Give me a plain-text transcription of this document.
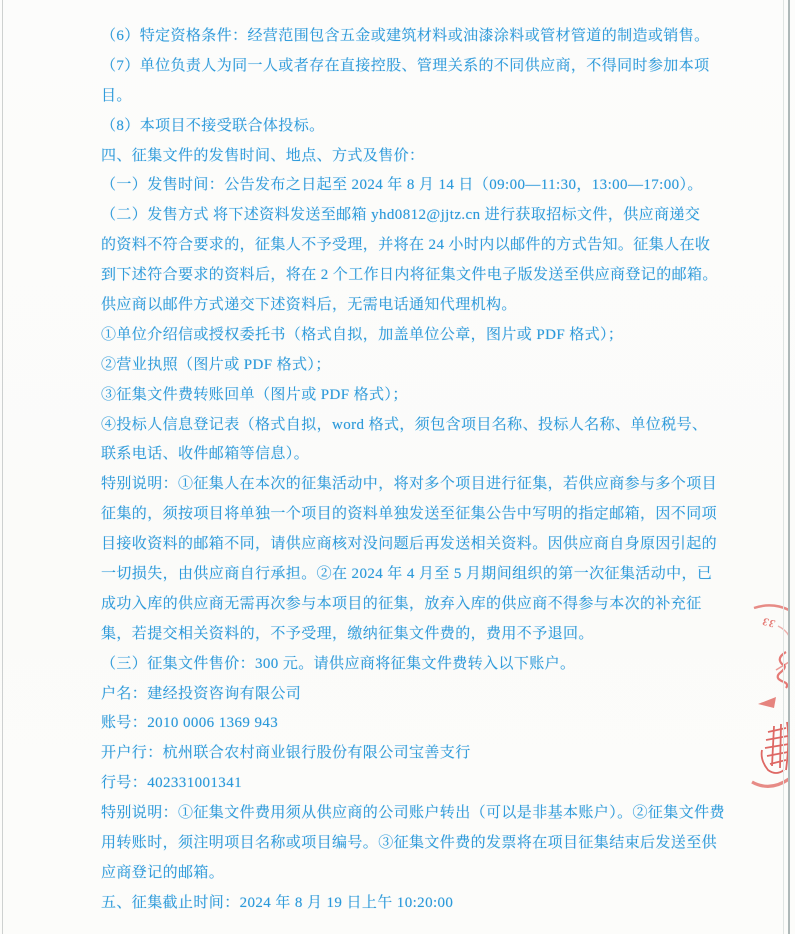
（6）特定资格条件：经营范围包含五金或建筑材料或油漆涂料或管材管道的制造或销售。
（7）单位负责人为同一人或者存在直接控股、管理关系的不同供应商，不得同时参加本项
目。
（8）本项目不接受联合体投标。
四、征集文件的发售时间、地点、方式及售价：
（一）发售时间：公告发布之日起至 2024 年 8 月 14 日（09:00—11:30，13:00—17:00）。
（二）发售方式 将下述资料发送至邮箱 yhd0812@jjtz.cn 进行获取招标文件，供应商递交
的资料不符合要求的，征集人不予受理，并将在 24 小时内以邮件的方式告知。征集人在收
到下述符合要求的资料后，将在 2 个工作日内将征集文件电子版发送至供应商登记的邮箱。
供应商以邮件方式递交下述资料后，无需电话通知代理机构。
①单位介绍信或授权委托书（格式自拟，加盖单位公章，图片或 PDF 格式）；
②营业执照（图片或 PDF 格式）；
③征集文件费转账回单（图片或 PDF 格式）；
④投标人信息登记表（格式自拟，word 格式，须包含项目名称、投标人名称、单位税号、
联系电话、收件邮箱等信息）。
特别说明：①征集人在本次的征集活动中，将对多个项目进行征集，若供应商参与多个项目
征集的，须按项目将单独一个项目的资料单独发送至征集公告中写明的指定邮箱，因不同项
目接收资料的邮箱不同，请供应商核对没问题后再发送相关资料。因供应商自身原因引起的
一切损失，由供应商自行承担。②在 2024 年 4 月至 5 月期间组织的第一次征集活动中，已
成功入库的供应商无需再次参与本项目的征集，放弃入库的供应商不得参与本次的补充征
集，若提交相关资料的，不予受理，缴纳征集文件费的，费用不予退回。
（三）征集文件售价：300 元。请供应商将征集文件费转入以下账户。
户名：建经投资咨询有限公司
账号：2010 0006 1369 943
开户行：杭州联合农村商业银行股份有限公司宝善支行
行号：402331001341
特别说明：①征集文件费用须从供应商的公司账户转出（可以是非基本账户）。②征集文件费
用转账时，须注明项目名称或项目编号。③征集文件费的发票将在项目征集结束后发送至供
应商登记的邮箱。
五、征集截止时间：2024 年 8 月 19 日上午 10:20:00
33
